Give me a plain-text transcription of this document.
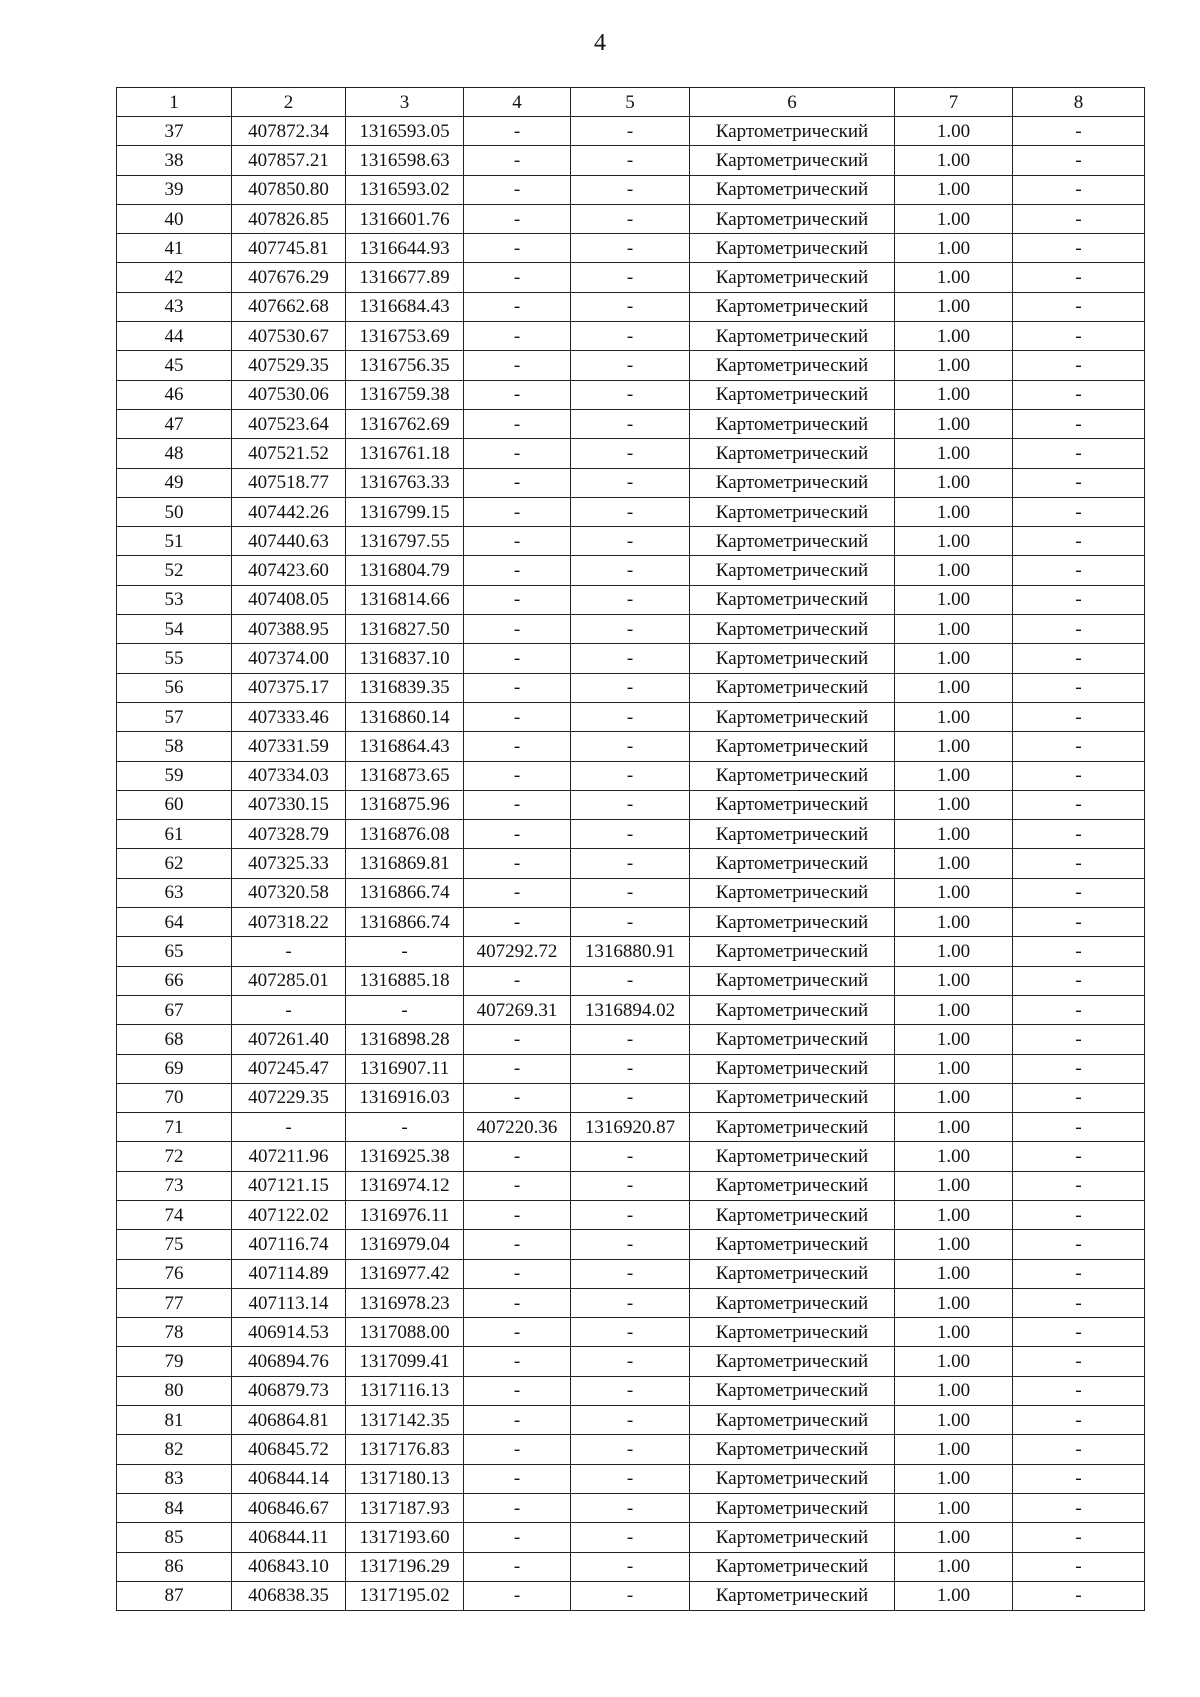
4
1	2	3	4	5	6	7	8
37	407872.34	1316593.05	-	-	Картометрический	1.00	-
38	407857.21	1316598.63	-	-	Картометрический	1.00	-
39	407850.80	1316593.02	-	-	Картометрический	1.00	-
40	407826.85	1316601.76	-	-	Картометрический	1.00	-
41	407745.81	1316644.93	-	-	Картометрический	1.00	-
42	407676.29	1316677.89	-	-	Картометрический	1.00	-
43	407662.68	1316684.43	-	-	Картометрический	1.00	-
44	407530.67	1316753.69	-	-	Картометрический	1.00	-
45	407529.35	1316756.35	-	-	Картометрический	1.00	-
46	407530.06	1316759.38	-	-	Картометрический	1.00	-
47	407523.64	1316762.69	-	-	Картометрический	1.00	-
48	407521.52	1316761.18	-	-	Картометрический	1.00	-
49	407518.77	1316763.33	-	-	Картометрический	1.00	-
50	407442.26	1316799.15	-	-	Картометрический	1.00	-
51	407440.63	1316797.55	-	-	Картометрический	1.00	-
52	407423.60	1316804.79	-	-	Картометрический	1.00	-
53	407408.05	1316814.66	-	-	Картометрический	1.00	-
54	407388.95	1316827.50	-	-	Картометрический	1.00	-
55	407374.00	1316837.10	-	-	Картометрический	1.00	-
56	407375.17	1316839.35	-	-	Картометрический	1.00	-
57	407333.46	1316860.14	-	-	Картометрический	1.00	-
58	407331.59	1316864.43	-	-	Картометрический	1.00	-
59	407334.03	1316873.65	-	-	Картометрический	1.00	-
60	407330.15	1316875.96	-	-	Картометрический	1.00	-
61	407328.79	1316876.08	-	-	Картометрический	1.00	-
62	407325.33	1316869.81	-	-	Картометрический	1.00	-
63	407320.58	1316866.74	-	-	Картометрический	1.00	-
64	407318.22	1316866.74	-	-	Картометрический	1.00	-
65	-	-	407292.72	1316880.91	Картометрический	1.00	-
66	407285.01	1316885.18	-	-	Картометрический	1.00	-
67	-	-	407269.31	1316894.02	Картометрический	1.00	-
68	407261.40	1316898.28	-	-	Картометрический	1.00	-
69	407245.47	1316907.11	-	-	Картометрический	1.00	-
70	407229.35	1316916.03	-	-	Картометрический	1.00	-
71	-	-	407220.36	1316920.87	Картометрический	1.00	-
72	407211.96	1316925.38	-	-	Картометрический	1.00	-
73	407121.15	1316974.12	-	-	Картометрический	1.00	-
74	407122.02	1316976.11	-	-	Картометрический	1.00	-
75	407116.74	1316979.04	-	-	Картометрический	1.00	-
76	407114.89	1316977.42	-	-	Картометрический	1.00	-
77	407113.14	1316978.23	-	-	Картометрический	1.00	-
78	406914.53	1317088.00	-	-	Картометрический	1.00	-
79	406894.76	1317099.41	-	-	Картометрический	1.00	-
80	406879.73	1317116.13	-	-	Картометрический	1.00	-
81	406864.81	1317142.35	-	-	Картометрический	1.00	-
82	406845.72	1317176.83	-	-	Картометрический	1.00	-
83	406844.14	1317180.13	-	-	Картометрический	1.00	-
84	406846.67	1317187.93	-	-	Картометрический	1.00	-
85	406844.11	1317193.60	-	-	Картометрический	1.00	-
86	406843.10	1317196.29	-	-	Картометрический	1.00	-
87	406838.35	1317195.02	-	-	Картометрический	1.00	-
